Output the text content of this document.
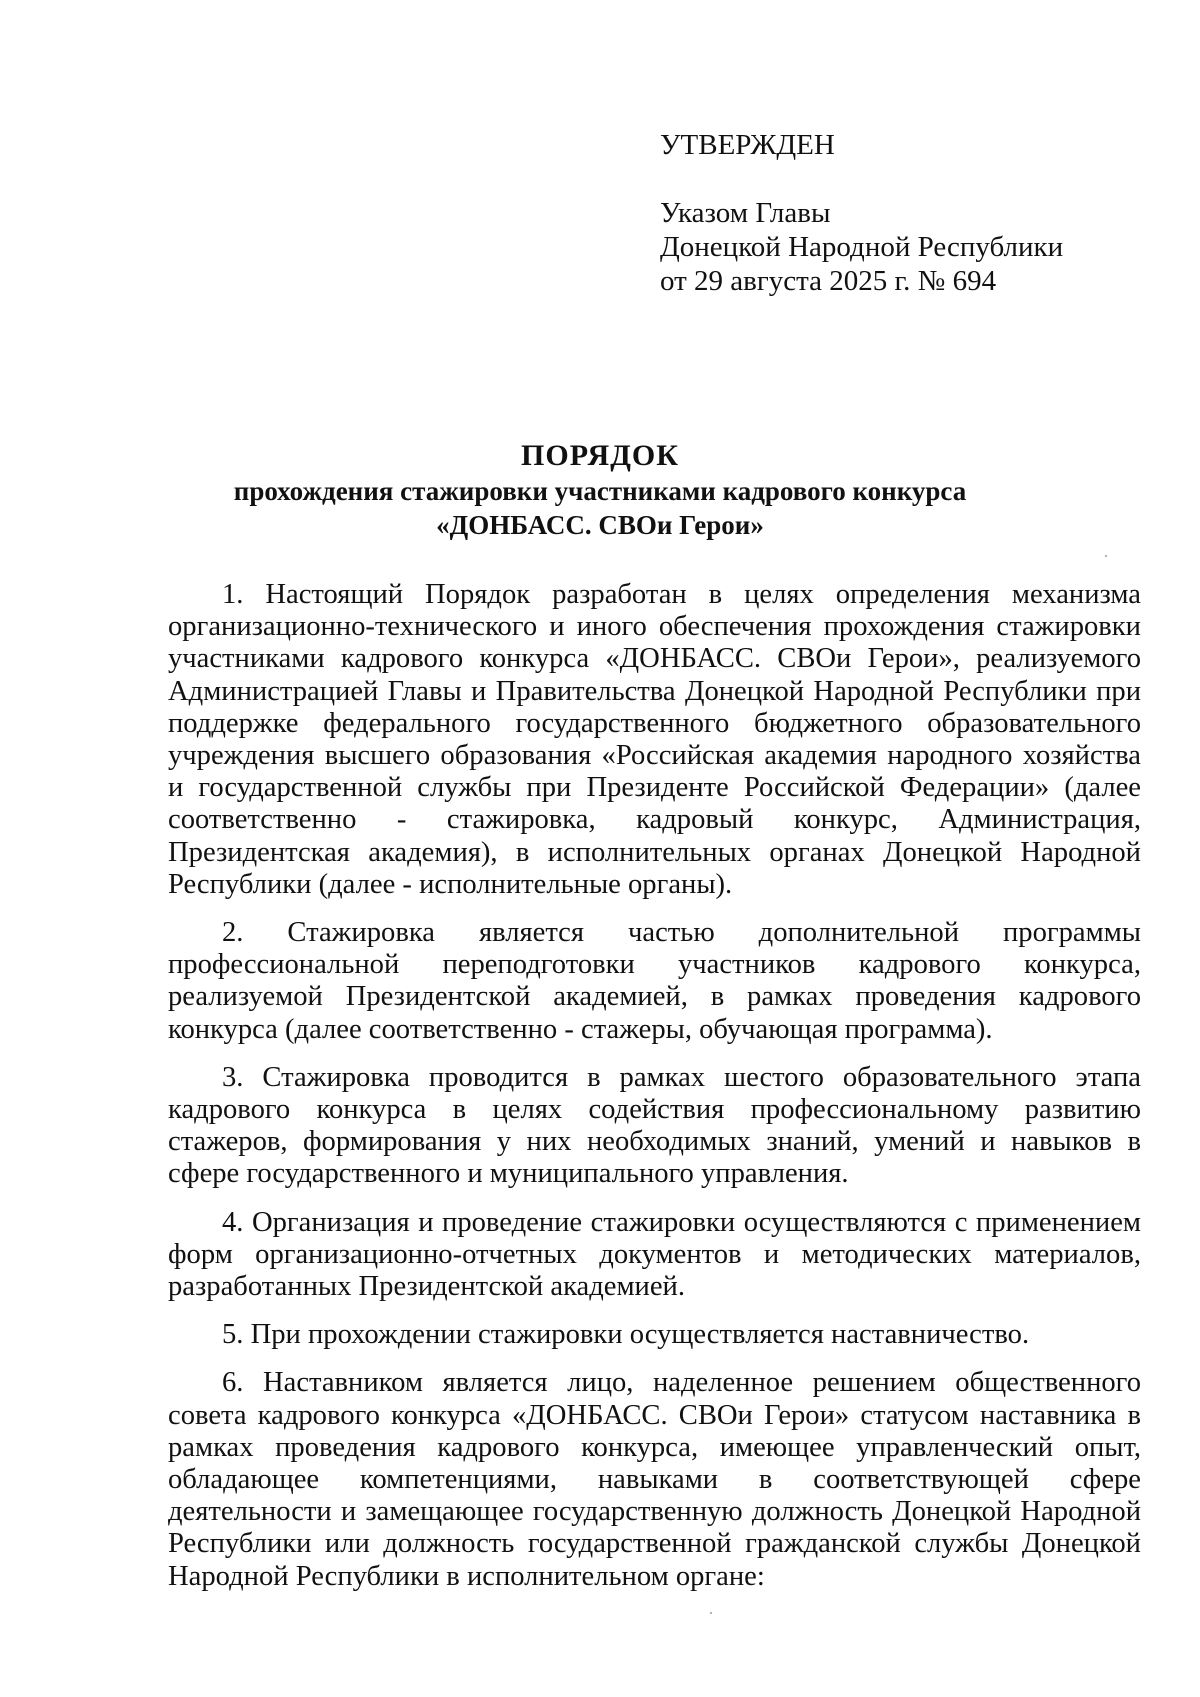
УТВЕРЖДЕН
Указом Главы
Донецкой Народной Республики
от 29 августа 2025 г. № 694
ПОРЯДОК
прохождения стажировки участниками кадрового конкурса
«ДОНБАСС. СВОи Герои»

1. Настоящий Порядок разработан в целях определения механизма организационно-технического и иного обеспечения прохождения стажировки участниками кадрового конкурса «ДОНБАСС. СВОи Герои», реализуемого Администрацией Главы и Правительства Донецкой Народной Республики при поддержке федерального государственного бюджетного образовательного учреждения высшего образования «Российская академия народного хозяйства и государственной службы при Президенте Российской Федерации» (далее соответственно - стажировка, кадровый конкурс, Администрация, Президентская академия), в исполнительных органах Донецкой Народной Республики (далее - исполнительные органы).

2. Стажировка является частью дополнительной программы профессиональной переподготовки участников кадрового конкурса, реализуемой Президентской академией, в рамках проведения кадрового конкурса (далее соответственно - стажеры, обучающая программа).

3. Стажировка проводится в рамках шестого образовательного этапа кадрового конкурса в целях содействия профессиональному развитию стажеров, формирования у них необходимых знаний, умений и навыков в сфере государственного и муниципального управления.

4. Организация и проведение стажировки осуществляются с применением форм организационно-отчетных документов и методических материалов, разработанных Президентской академией.

5. При прохождении стажировки осуществляется наставничество.

6. Наставником является лицо, наделенное решением общественного совета кадрового конкурса «ДОНБАСС. СВОи Герои» статусом наставника в рамках проведения кадрового конкурса, имеющее управленческий опыт, обладающее компетенциями, навыками в соответствующей сфере деятельности и замещающее государственную должность Донецкой Народной Республики или должность государственной гражданской службы Донецкой Народной Республики в исполнительном органе:
